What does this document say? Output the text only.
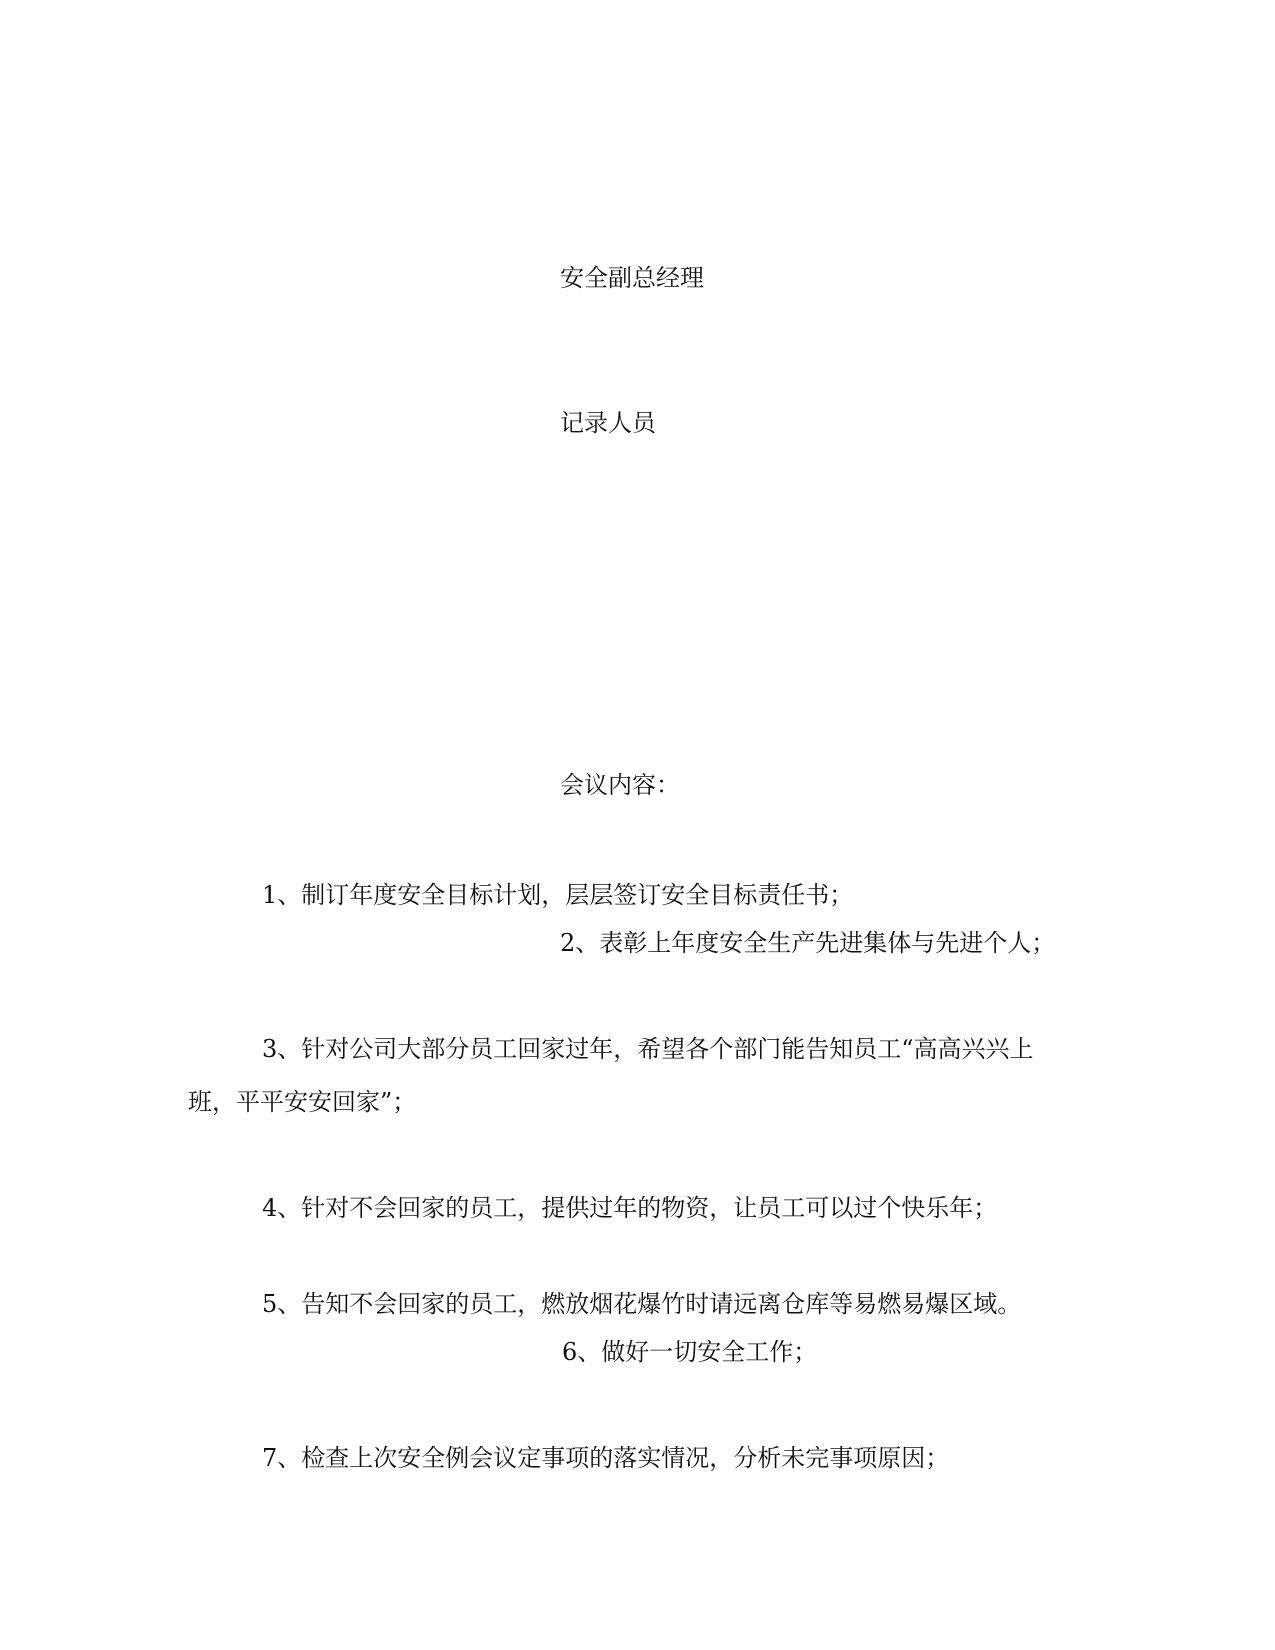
安全副总经理
记录人员
会议内容：
1、制订年度安全目标计划，层层签订安全目标责任书；
2、表彰上年度安全生产先进集体与先进个人；
3、针对公司大部分员工回家过年，希望各个部门能告知员工“高高兴兴上
班，平平安安回家”；
4、针对不会回家的员工，提供过年的物资，让员工可以过个快乐年；
5、告知不会回家的员工，燃放烟花爆竹时请远离仓库等易燃易爆区域。
6、做好一切安全工作；
7、检查上次安全例会议定事项的落实情况，分析未完事项原因；
